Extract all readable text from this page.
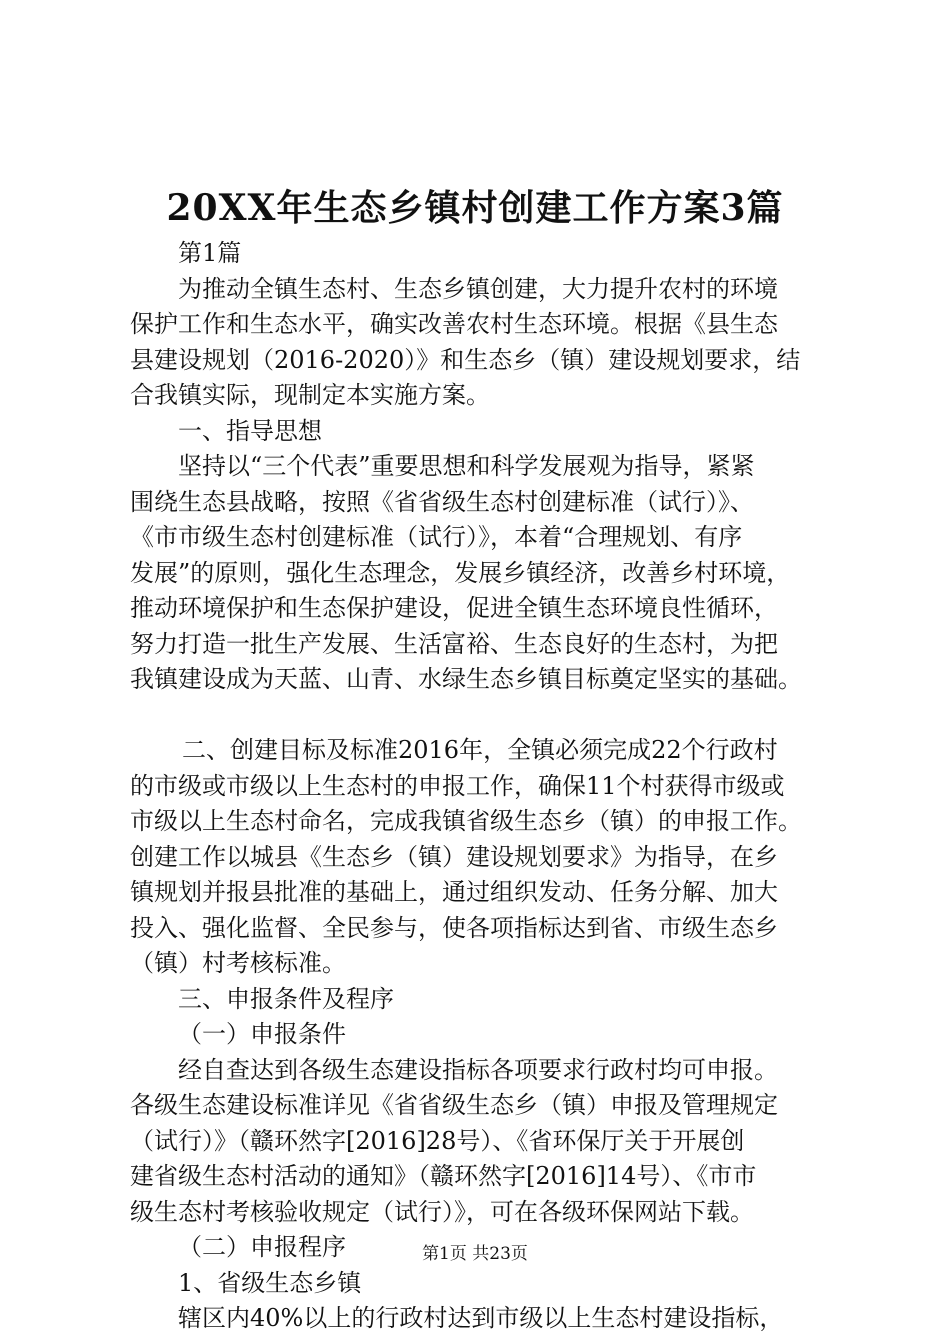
20XX年生态乡镇村创建工作方案3篇
第1篇
为推动全镇生态村、生态乡镇创建，大力提升农村的环境
保护工作和生态水平，确实改善农村生态环境。根据《县生态
县建设规划（2016-2020）》和生态乡（镇）建设规划要求，结
合我镇实际，现制定本实施方案。
一、指导思想
坚持以“三个代表”重要思想和科学发展观为指导，紧紧
围绕生态县战略，按照《省省级生态村创建标准（试行）》、
《市市级生态村创建标准（试行）》，本着“合理规划、有序
发展”的原则，强化生态理念，发展乡镇经济，改善乡村环境，
推动环境保护和生态保护建设，促进全镇生态环境良性循环，
努力打造一批生产发展、生活富裕、生态良好的生态村，为把
我镇建设成为天蓝、山青、水绿生态乡镇目标奠定坚实的基础。
二、创建目标及标准2016年，全镇必须完成22个行政村
的市级或市级以上生态村的申报工作，确保11个村获得市级或
市级以上生态村命名，完成我镇省级生态乡（镇）的申报工作。
创建工作以城县《生态乡（镇）建设规划要求》为指导，在乡
镇规划并报县批准的基础上，通过组织发动、任务分解、加大
投入、强化监督、全民参与，使各项指标达到省、市级生态乡
（镇）村考核标准。
三、申报条件及程序
（一）申报条件
经自查达到各级生态建设指标各项要求行政村均可申报。
各级生态建设标准详见《省省级生态乡（镇）申报及管理规定
（试行）》（赣环然字[2016]28号）、《省环保厅关于开展创
建省级生态村活动的通知》（赣环然字[2016]14号）、《市市
级生态村考核验收规定（试行）》，可在各级环保网站下载。
（二）申报程序
1、省级生态乡镇
辖区内40%以上的行政村达到市级以上生态村建设指标，
第1页 共23页
